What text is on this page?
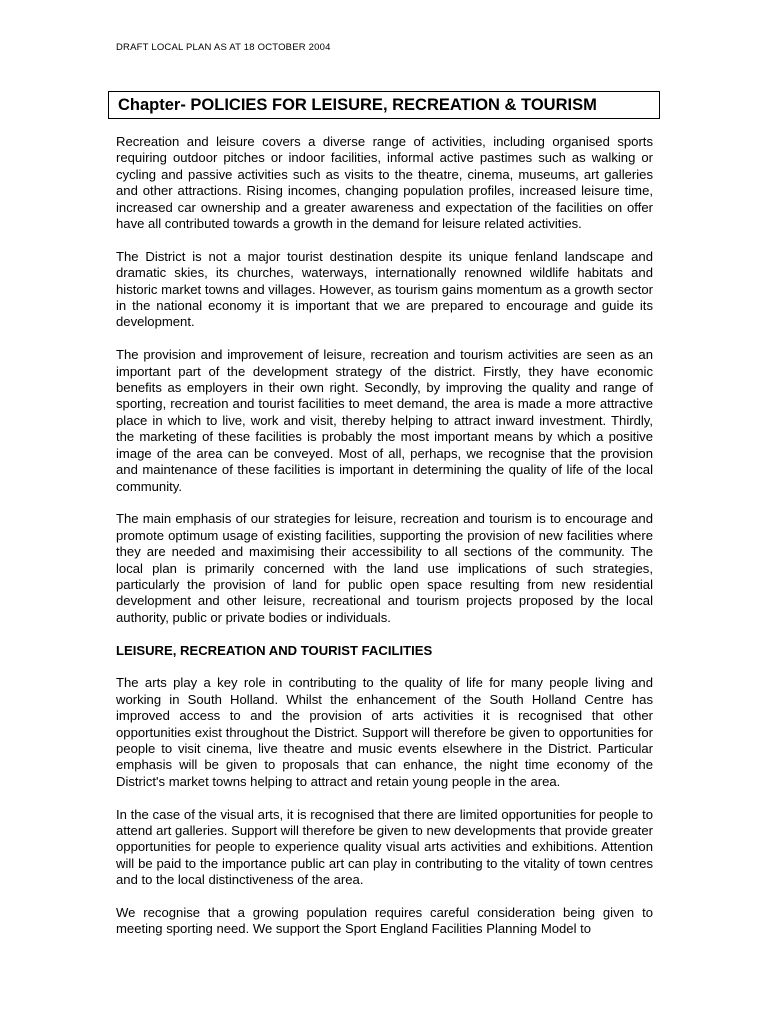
DRAFT LOCAL PLAN AS AT 18 OCTOBER 2004
Chapter- POLICIES FOR LEISURE, RECREATION & TOURISM

Recreation and leisure covers a diverse range of activities, including organised sports requiring outdoor pitches or indoor facilities, informal active pastimes such as walking or cycling and passive activities such as visits to the theatre, cinema, museums, art galleries and other attractions. Rising incomes, changing population profiles, increased leisure time, increased car ownership and a greater awareness and expectation of the facilities on offer have all contributed towards a growth in the demand for leisure related activities.

The District is not a major tourist destination despite its unique fenland landscape and dramatic skies, its churches, waterways, internationally renowned wildlife habitats and historic market towns and villages. However, as tourism gains momentum as a growth sector in the national economy it is important that we are prepared to encourage and guide its development.

The provision and improvement of leisure, recreation and tourism activities are seen as an important part of the development strategy of the district. Firstly, they have economic benefits as employers in their own right. Secondly, by improving the quality and range of sporting, recreation and tourist facilities to meet demand, the area is made a more attractive place in which to live, work and visit, thereby helping to attract inward investment. Thirdly, the marketing of these facilities is probably the most important means by which a positive image of the area can be conveyed. Most of all, perhaps, we recognise that the provision and maintenance of these facilities is important in determining the quality of life of the local community.

The main emphasis of our strategies for leisure, recreation and tourism is to encourage and promote optimum usage of existing facilities, supporting the provision of new facilities where they are needed and maximising their accessibility to all sections of the community. The local plan is primarily concerned with the land use implications of such strategies, particularly the provision of land for public open space resulting from new residential development and other leisure, recreational and tourism projects proposed by the local authority, public or private bodies or individuals.

LEISURE, RECREATION AND TOURIST FACILITIES

The arts play a key role in contributing to the quality of life for many people living and working in South Holland. Whilst the enhancement of the South Holland Centre has improved access to and the provision of arts activities it is recognised that other opportunities exist throughout the District. Support will therefore be given to opportunities for people to visit cinema, live theatre and music events elsewhere in the District. Particular emphasis will be given to proposals that can enhance, the night time economy of the District's market towns helping to attract and retain young people in the area.

In the case of the visual arts, it is recognised that there are limited opportunities for people to attend art galleries. Support will therefore be given to new developments that provide greater opportunities for people to experience quality visual arts activities and exhibitions. Attention will be paid to the importance public art can play in contributing to the vitality of town centres and to the local distinctiveness of the area.

We recognise that a growing population requires careful consideration being given to meeting sporting need. We support the Sport England Facilities Planning Model to
